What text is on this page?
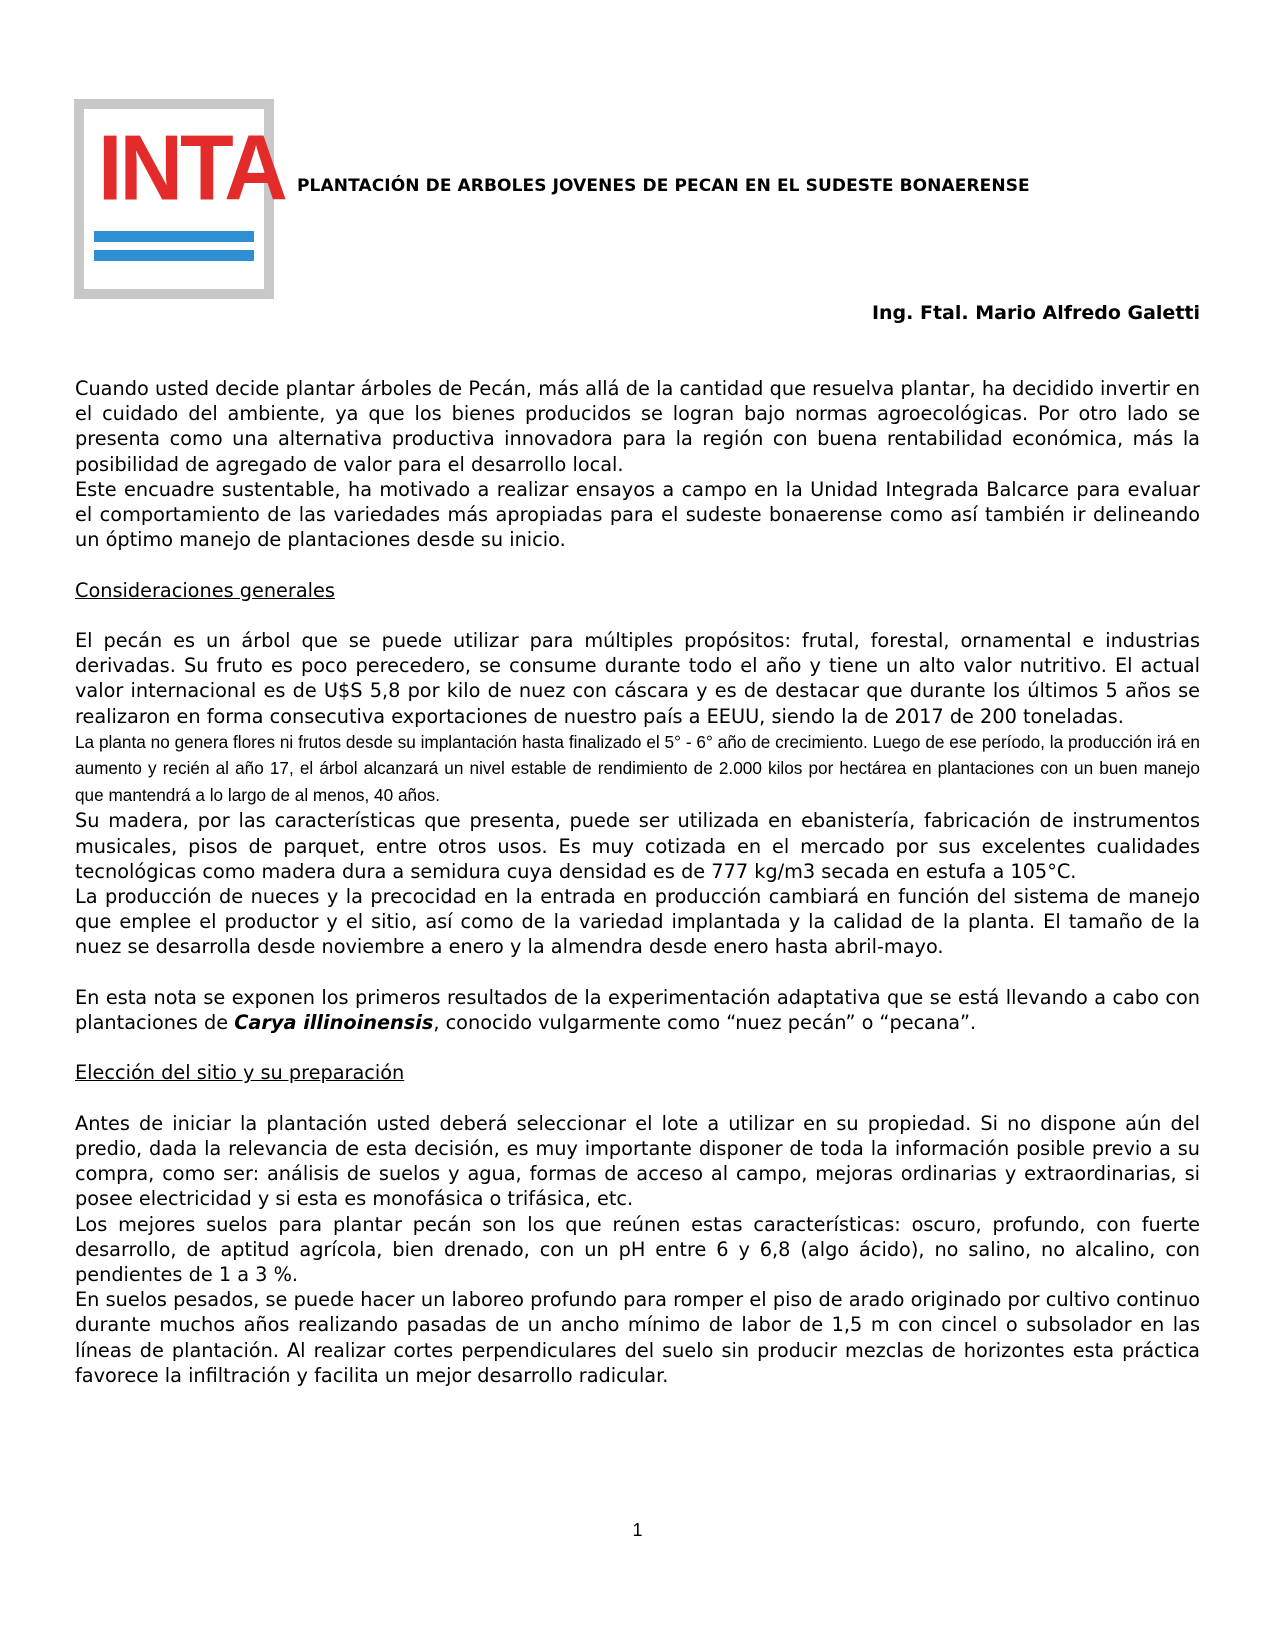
INTA PLANTACIÓN DE ARBOLES JOVENES DE PECAN EN EL SUDESTE BONAERENSE
Ing. Ftal. Mario Alfredo Galetti

Cuando usted decide plantar árboles de Pecán, más allá de la cantidad que resuelva plantar, ha decidido invertir en el cuidado del ambiente, ya que los bienes producidos se logran bajo normas agroecológicas. Por otro lado se presenta como una alternativa productiva innovadora para la región con buena rentabilidad económica, más la posibilidad de agregado de valor para el desarrollo local.

Este encuadre sustentable, ha motivado a realizar ensayos a campo en la Unidad Integrada Balcarce para evaluar el comportamiento de las variedades más apropiadas para el sudeste bonaerense como así también ir delineando un óptimo manejo de plantaciones desde su inicio.

Consideraciones generales

El pecán es un árbol que se puede utilizar para múltiples propósitos: frutal, forestal, ornamental e industrias derivadas. Su fruto es poco perecedero, se consume durante todo el año y tiene un alto valor nutritivo. El actual valor internacional es de U$S 5,8 por kilo de nuez con cáscara y es de destacar que durante los últimos 5 años se realizaron en forma consecutiva exportaciones de nuestro país a EEUU, siendo la de 2017 de 200 toneladas.

La planta no genera flores ni frutos desde su implantación hasta finalizado el 5° - 6° año de crecimiento. Luego de ese período, la producción irá en aumento y recién al año 17, el árbol alcanzará un nivel estable de rendimiento de 2.000 kilos por hectárea en plantaciones con un buen manejo que mantendrá a lo largo de al menos, 40 años.

Su madera, por las características que presenta, puede ser utilizada en ebanistería, fabricación de instrumentos musicales, pisos de parquet, entre otros usos. Es muy cotizada en el mercado por sus excelentes cualidades tecnológicas como madera dura a semidura cuya densidad es de 777 kg/m3 secada en estufa a 105°C.

La producción de nueces y la precocidad en la entrada en producción cambiará en función del sistema de manejo que emplee el productor y el sitio, así como de la variedad implantada y la calidad de la planta. El tamaño de la nuez se desarrolla desde noviembre a enero y la almendra desde enero hasta abril-mayo.

En esta nota se exponen los primeros resultados de la experimentación adaptativa que se está llevando a cabo con plantaciones de Carya illinoinensis, conocido vulgarmente como “nuez pecán” o “pecana”.

Elección del sitio y su preparación

Antes de iniciar la plantación usted deberá seleccionar el lote a utilizar en su propiedad. Si no dispone aún del predio, dada la relevancia de esta decisión, es muy importante disponer de toda la información posible previo a su compra, como ser: análisis de suelos y agua, formas de acceso al campo, mejoras ordinarias y extraordinarias, si posee electricidad y si esta es monofásica o trifásica, etc.

Los mejores suelos para plantar pecán son los que reúnen estas características: oscuro, profundo, con fuerte desarrollo, de aptitud agrícola, bien drenado, con un pH entre 6 y 6,8 (algo ácido), no salino, no alcalino, con pendientes de 1 a 3 %.

En suelos pesados, se puede hacer un laboreo profundo para romper el piso de arado originado por cultivo continuo durante muchos años realizando pasadas de un ancho mínimo de labor de 1,5 m con cincel o subsolador en las líneas de plantación. Al realizar cortes perpendiculares del suelo sin producir mezclas de horizontes esta práctica favorece la infiltración y facilita un mejor desarrollo radicular.

1
